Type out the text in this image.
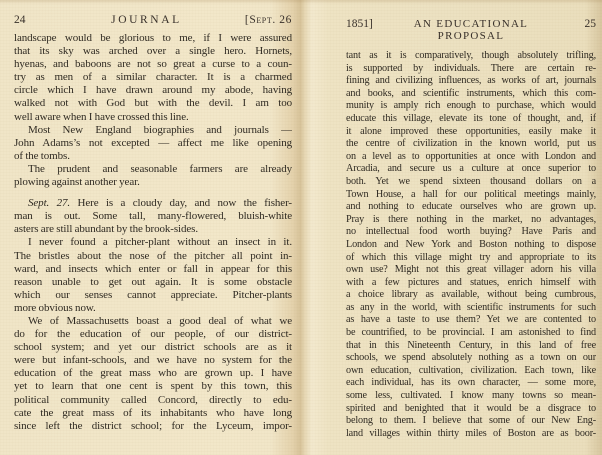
24	JOURNAL	[Sept. 26
landscape would be glorious to me, if I were assured
that its sky was arched over a single hero. Hornets,
hyenas, and baboons are not so great a curse to a coun-
try as men of a similar character. It is a charmed
circle which I have drawn around my abode, having
walked not with God but with the devil. I am too
well aware when I have crossed this line.
Most New England biographies and journals —
John Adams’s not excepted — affect me like opening
of the tombs.
The prudent and seasonable farmers are already
plowing against another year.
Sept. 27. Here is a cloudy day, and now the fisher-
man is out. Some tall, many-flowered, bluish-white
asters are still abundant by the brook-sides.
I never found a pitcher-plant without an insect in it.
The bristles about the nose of the pitcher all point in-
ward, and insects which enter or fall in appear for this
reason unable to get out again. It is some obstacle
which our senses cannot appreciate. Pitcher-plants
more obvious now.
We of Massachusetts boast a good deal of what we
do for the education of our people, of our district-
school system; and yet our district schools are as it
were but infant-schools, and we have no system for the
education of the great mass who are grown up. I have
yet to learn that one cent is spent by this town, this
political community called Concord, directly to edu-
cate the great mass of its inhabitants who have long
since left the district school; for the Lyceum, impor-
1851]	AN EDUCATIONAL PROPOSAL
25
tant as it is comparatively, though absolutely trifling,
is supported by individuals. There are certain re-
fining and civilizing influences, as works of art, journals
and books, and scientific instruments, which this com-
munity is amply rich enough to purchase, which would
educate this village, elevate its tone of thought, and, if
it alone improved these opportunities, easily make it
the centre of civilization in the known world, put us
on a level as to opportunities at once with London and
Arcadia, and secure us a culture at once superior to
both. Yet we spend sixteen thousand dollars on a
Town House, a hall for our political meetings mainly,
and nothing to educate ourselves who are grown up.
Pray is there nothing in the market, no advantages,
no intellectual food worth buying? Have Paris and
London and New York and Boston nothing to dispose
of which this village might try and appropriate to its
own use? Might not this great villager adorn his villa
with a few pictures and statues, enrich himself with
a choice library as available, without being cumbrous,
as any in the world, with scientific instruments for such
as have a taste to use them? Yet we are contented to
be countrified, to be provincial. I am astonished to find
that in this Nineteenth Century, in this land of free
schools, we spend absolutely nothing as a town on our
own education, cultivation, civilization. Each town, like
each individual, has its own character, — some more,
some less, cultivated. I know many towns so mean-
spirited and benighted that it would be a disgrace to
belong to them. I believe that some of our New Eng-
land villages within thirty miles of Boston are as boor-
